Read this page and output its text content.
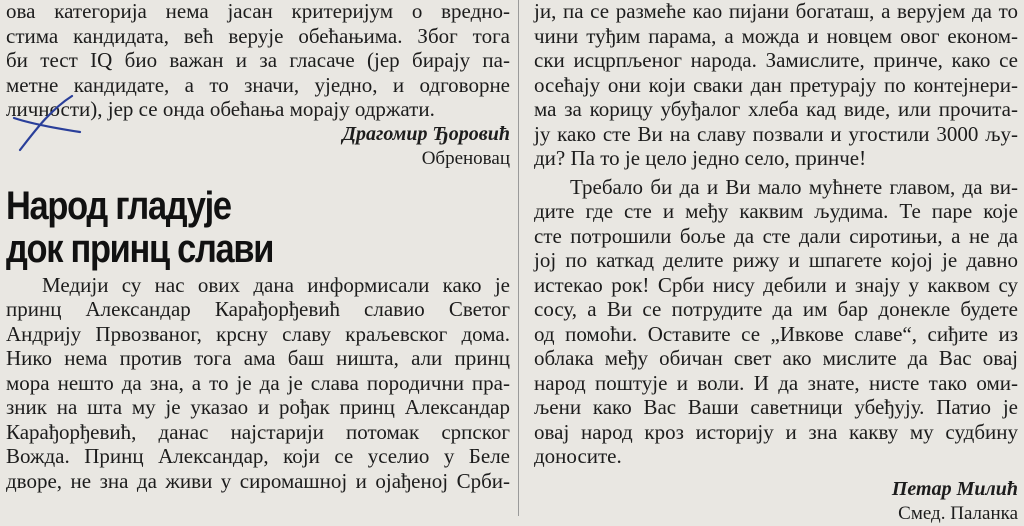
ова категорија нема јасан критеријум о вредно-
стима кандидата, већ верује обећањима. Због тога
би тест IQ био важан и за гласаче (јер бирају па-
метне кандидате, а то значи, уједно, и одговорне
личности), јер се онда обећања морају одржати.
Драгомир Ђоровић
Обреновац
Народ гладује
док принц слави
Медији су нас ових дана информисали како је
принц Александар Карађорђевић славио Светог
Андрију Првозваног, крсну славу краљевског дома.
Нико нема против тога ама баш ништа, али принц
мора нешто да зна, а то је да је слава породични пра-
зник на шта му је указао и рођак принц Александар
Карађорђевић, данас најстарији потомак српског
Вожда. Принц Александар, који се уселио у Беле
дворе, не зна да живи у сиромашној и ојађеној Срби-
ји, па се размеће као пијани богаташ, а верујем да то
чини туђим парама, а можда и новцем овог економ-
ски исцрпљеног народа. Замислите, принче, како се
осећају они који сваки дан претурају по контејнери-
ма за корицу убуђалог хлеба кад виде, или прочита-
ју како сте Ви на славу позвали и угостили 3000 љу-
ди? Па то је цело једно село, принче!
Требало би да и Ви мало мућнете главом, да ви-
дите где сте и међу каквим људима. Те паре које
сте потрошили боље да сте дали сиротињи, а не да
јој по каткад делите рижу и шпагете којој је давно
истекао рок! Срби нису дебили и знају у каквом су
сосу, а Ви се потрудите да им бар донекле будете
од помоћи. Оставите се „Ивкове славе“, сиђите из
облака међу обичан свет ако мислите да Вас овај
народ поштује и воли. И да знате, нисте тако оми-
љени како Вас Ваши саветници убеђују. Патио је
овај народ кроз историју и зна какву му судбину
доносите.
Петар Милић
Смед. Паланка
